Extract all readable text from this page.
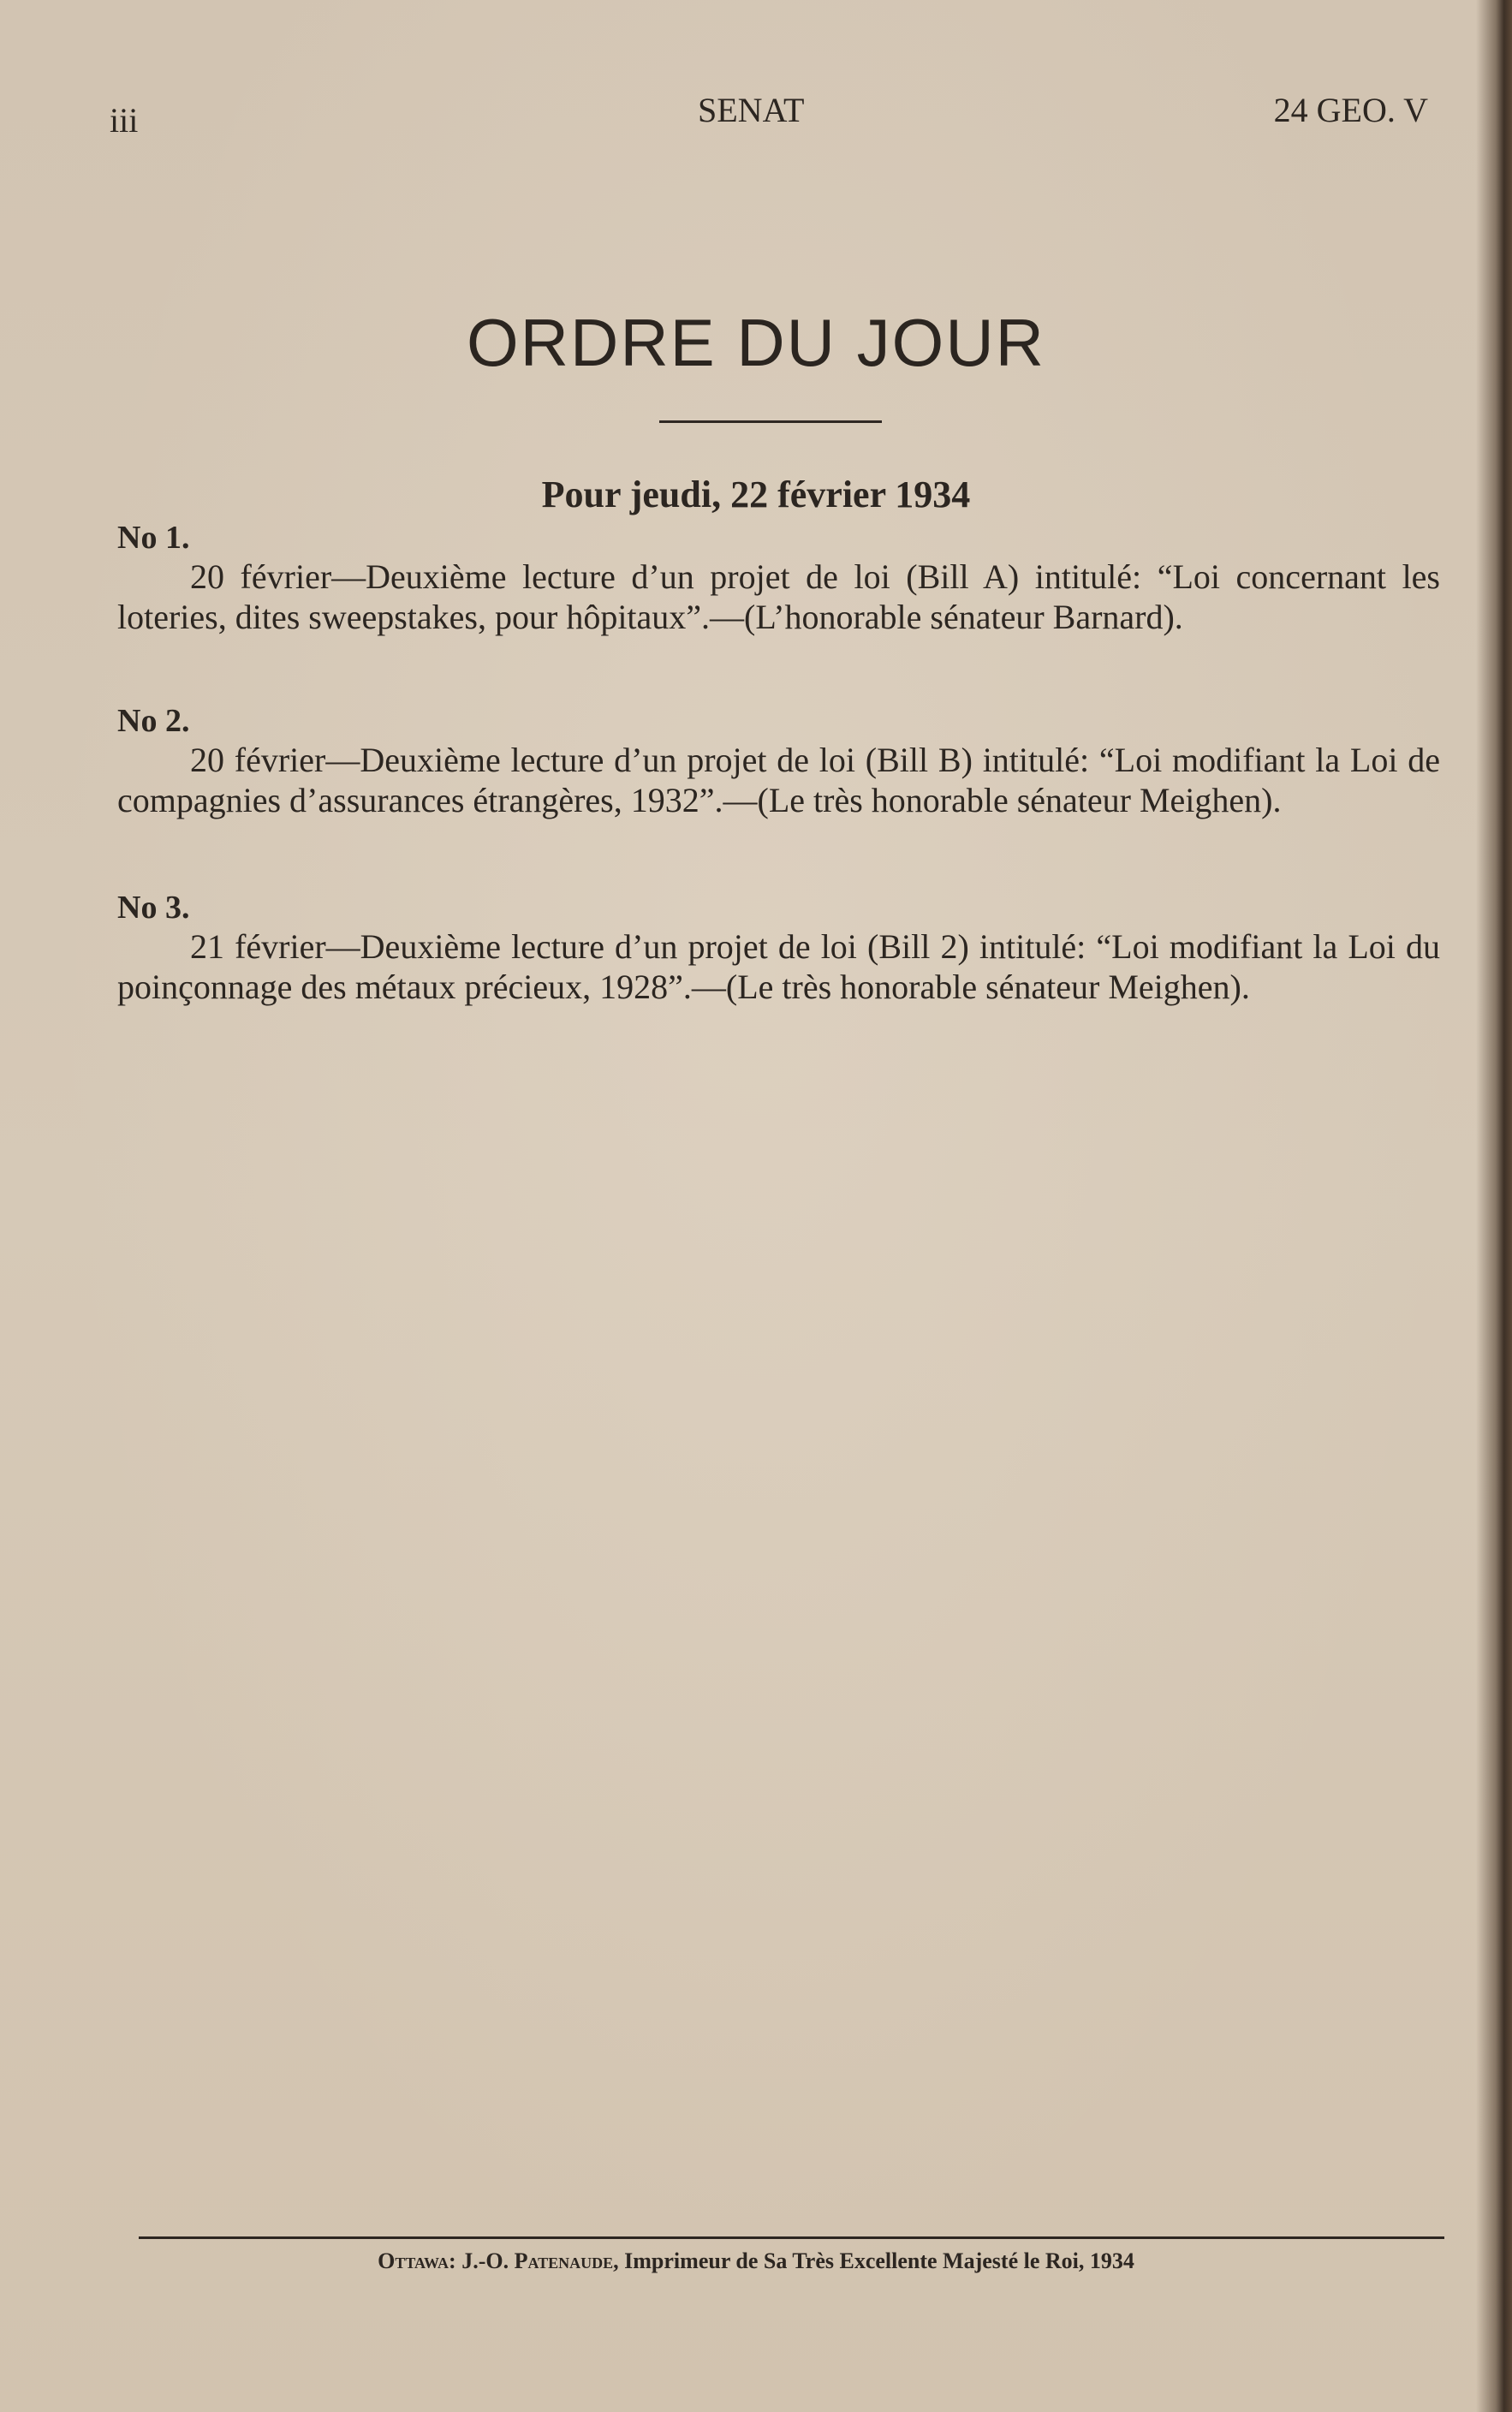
iii	SENAT	24 GEO. V
ORDRE DU JOUR
Pour jeudi, 22 février 1934

No 1.

20 février—Deuxième lecture d’un projet de loi (Bill A) intitulé: “Loi concernant les loteries, dites sweepstakes, pour hôpitaux”.—(L’honorable sénateur Barnard).

No 2.

20 février—Deuxième lecture d’un projet de loi (Bill B) intitulé: “Loi modifiant la Loi de compagnies d’assurances étrangères, 1932”.—(Le très honorable sénateur Meighen).

No 3.

21 février—Deuxième lecture d’un projet de loi (Bill 2) intitulé: “Loi modifiant la Loi du poinçonnage des métaux précieux, 1928”.—(Le très honorable sénateur Meighen).

Ottawa: J.-O. Patenaude, Imprimeur de Sa Très Excellente Majesté le Roi, 1934
